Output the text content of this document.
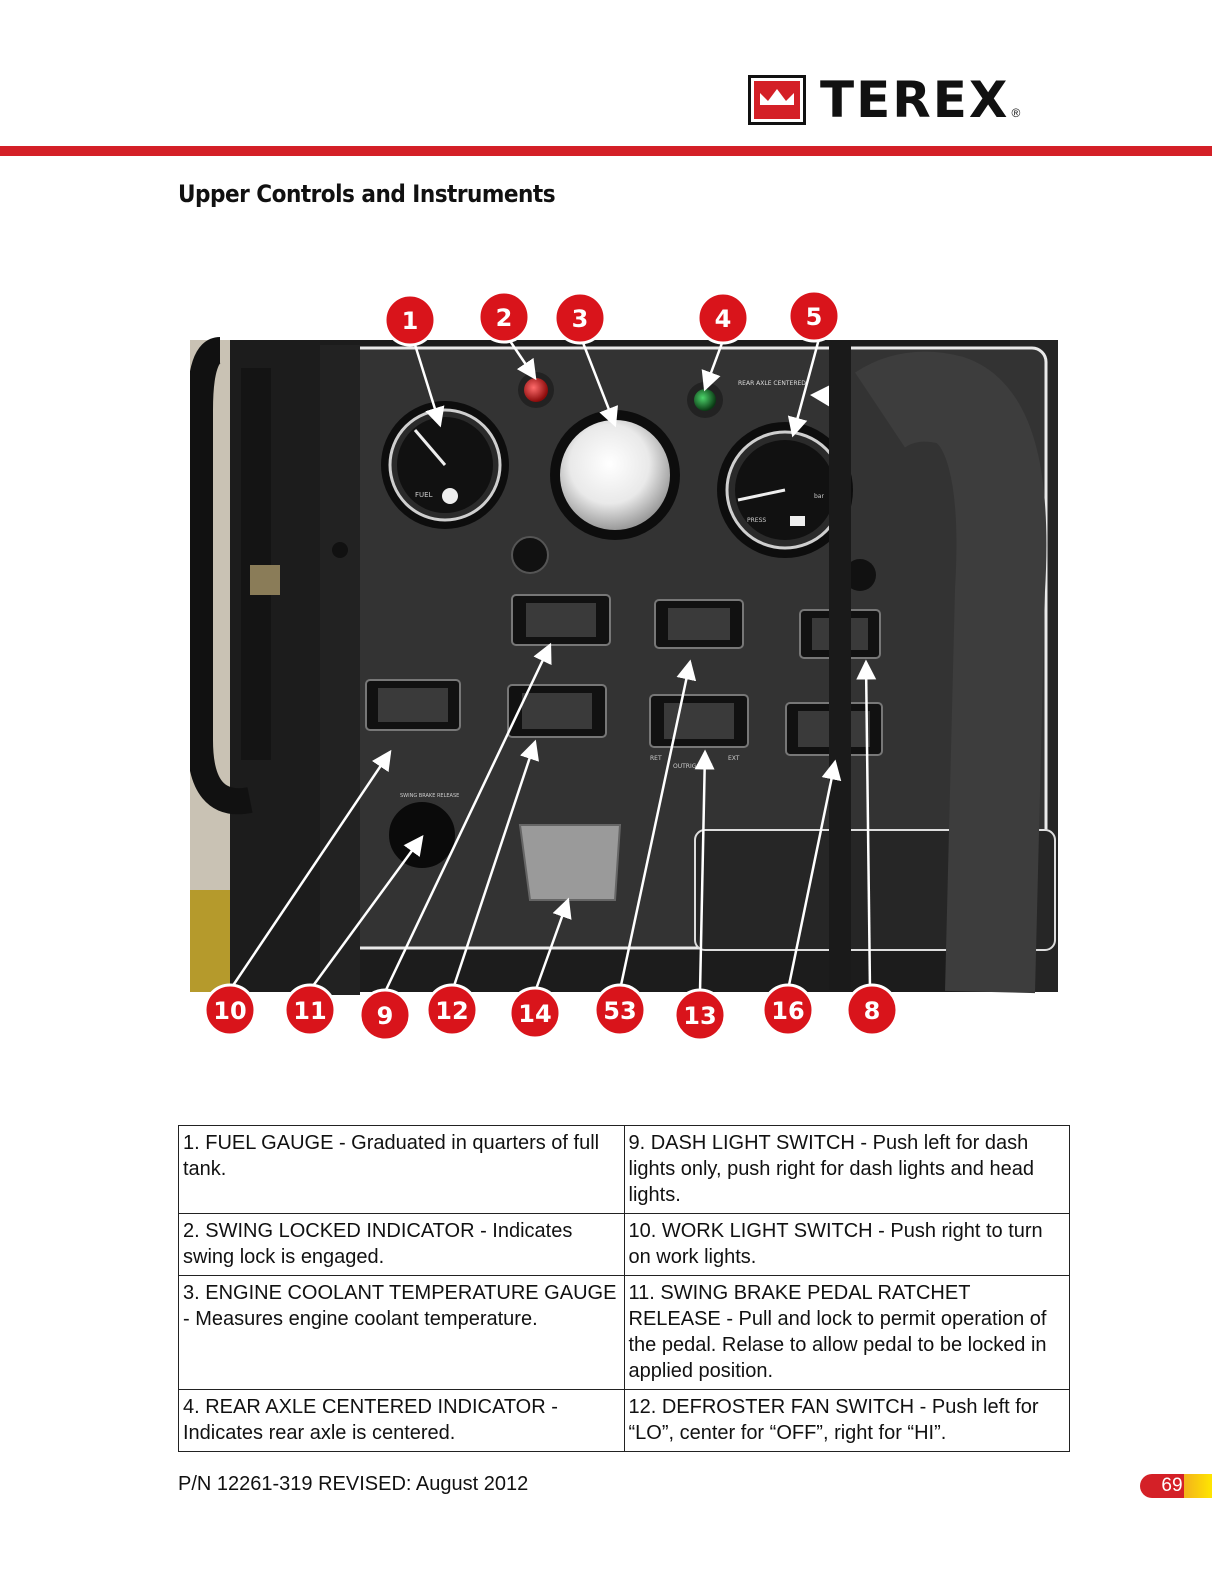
TEREX ®
Upper Controls and Instruments
FUEL
REAR AXLE CENTERED
PRESS
bar
RET
OUTRIGGERS
EXT
SWING BRAKE RELEASE
1	2 3	4	5
10 11 9 12 14 53 13 16 8
1. FUEL GAUGE - Graduated in quarters of full tank.	9. DASH LIGHT SWITCH - Push left for dash lights only, push right for dash lights and head lights.
2. SWING LOCKED INDICATOR - Indicates swing lock is engaged.	10. WORK LIGHT SWITCH - Push right to turn on work lights.
3. ENGINE COOLANT TEMPERATURE GAUGE - Measures engine coolant temperature.	11. SWING BRAKE PEDAL RATCHET RELEASE - Pull and lock to permit operation of the pedal. Relase to allow pedal to be locked in applied position.
4. REAR AXLE CENTERED INDICATOR - Indicates rear axle is centered.	12. DEFROSTER FAN SWITCH - Push left for “LO”, center for “OFF”, right for “HI”.
P/N 12261-319 REVISED: August 2012	69
